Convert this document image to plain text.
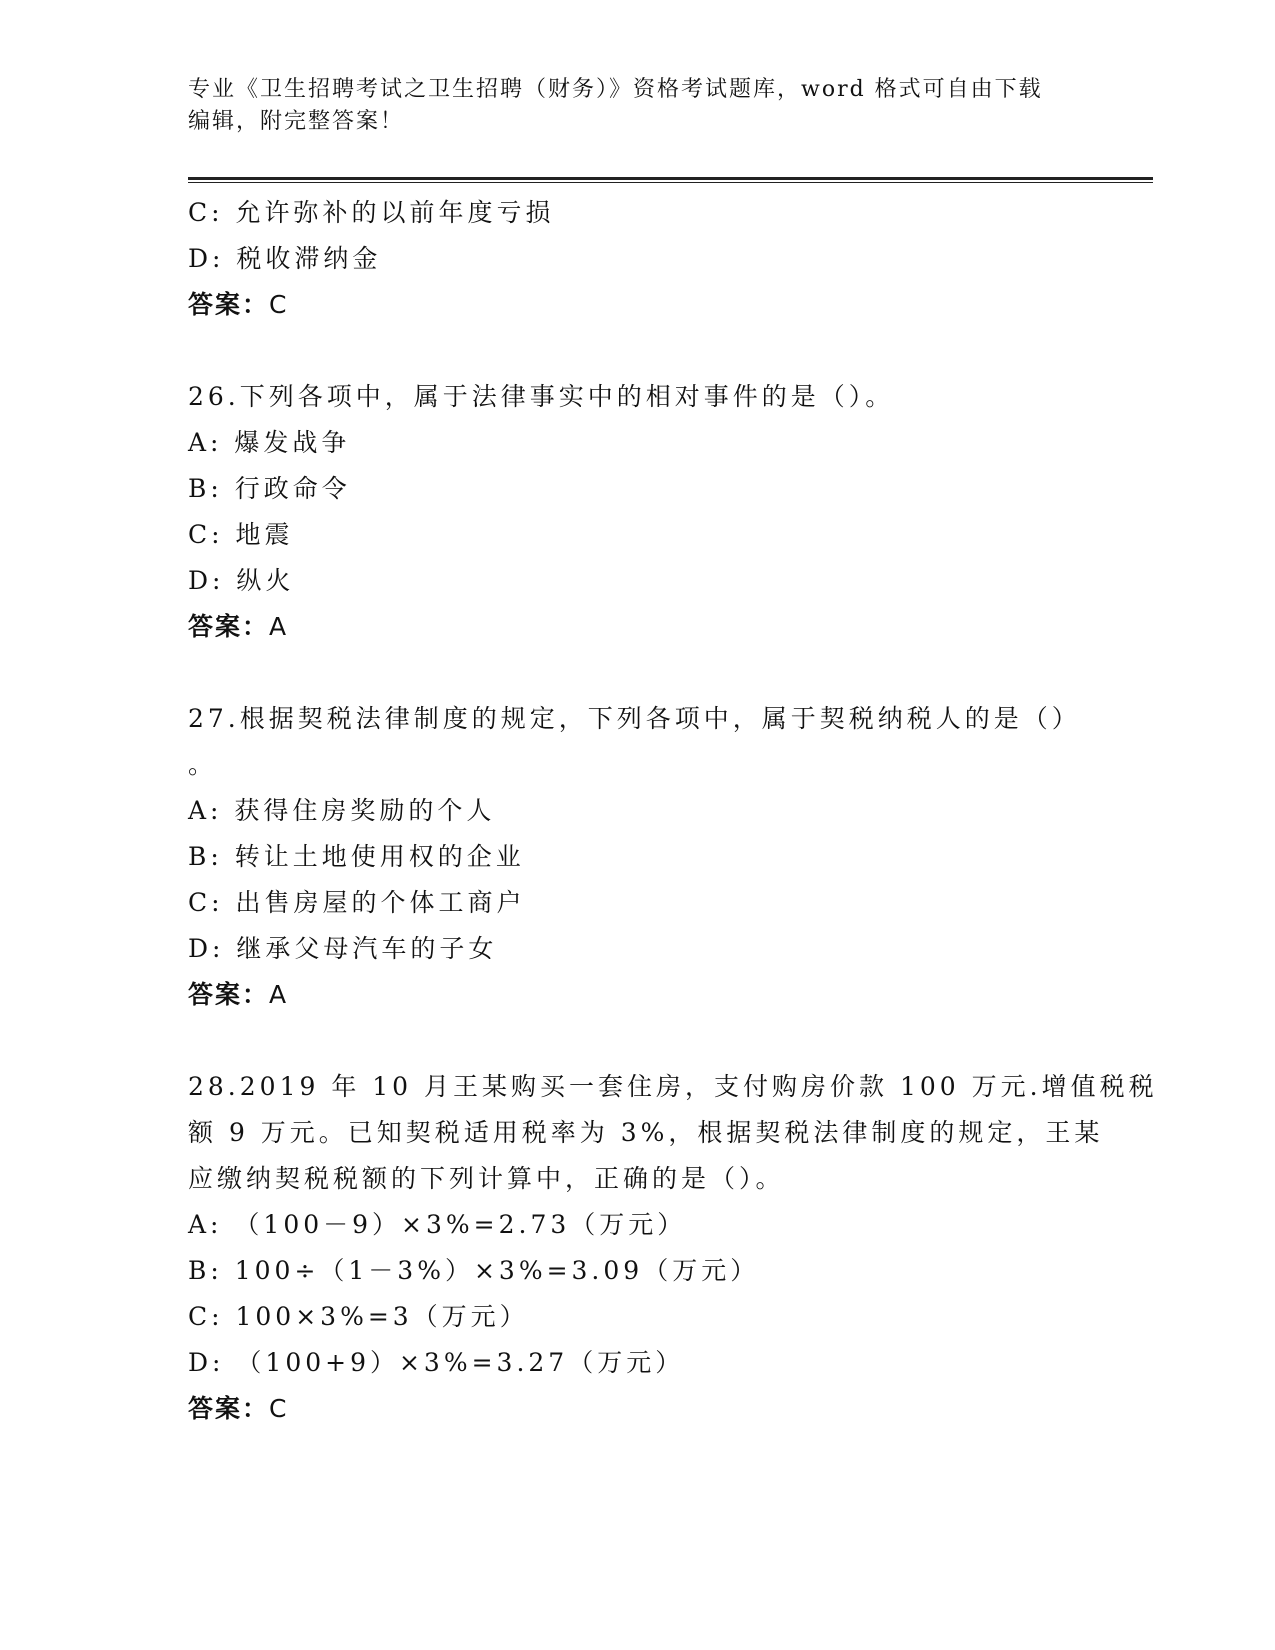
专业《卫生招聘考试之卫生招聘（财务）》资格考试题库，word 格式可自由下载
编辑，附完整答案！
C: 允许弥补的以前年度亏损
D: 税收滞纳金
答案：C
26.下列各项中，属于法律事实中的相对事件的是（）。
A: 爆发战争
B: 行政命令
C: 地震
D: 纵火
答案：A
27.根据契税法律制度的规定，下列各项中，属于契税纳税人的是（）
。
A: 获得住房奖励的个人
B: 转让土地使用权的企业
C: 出售房屋的个体工商户
D: 继承父母汽车的子女
答案：A
28.2019 年 10 月王某购买一套住房，支付购房价款 100 万元.增值税税
额 9 万元。已知契税适用税率为 3%，根据契税法律制度的规定，王某
应缴纳契税税额的下列计算中，正确的是（）。
A: （100－9）×3%=2.73（万元）
B: 100÷（1－3%）×3%=3.09（万元）
C: 100×3%=3（万元）
D: （100+9）×3%=3.27（万元）
答案：C
